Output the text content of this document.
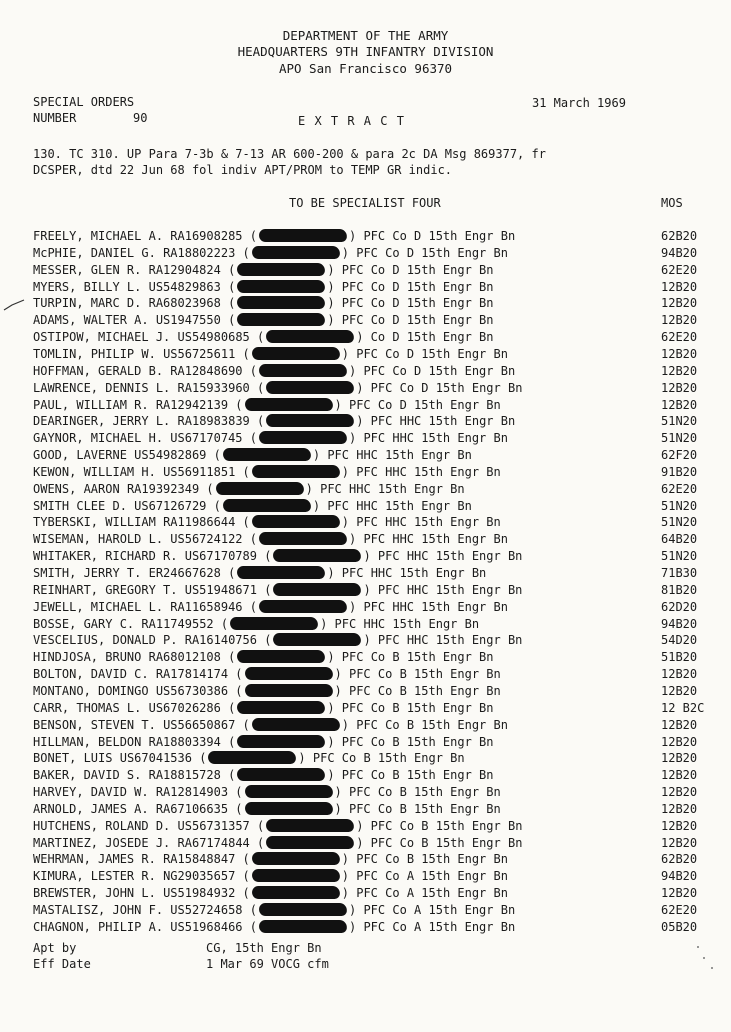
DEPARTMENT OF THE ARMY
HEADQUARTERS 9TH INFANTRY DIVISION
APO San Francisco 96370
SPECIAL ORDERS
NUMBER	90	E X T R A C T
31 March 1969
130. TC 310. UP Para 7-3b & 7-13 AR 600-200 & para 2c DA Msg 869377, fr
DCSPER, dtd 22 Jun 68 fol indiv APT/PROM to TEMP GR indic.
TO BE SPECIALIST FOUR	MOS
FREELY, MICHAEL A. RA16908285 (	) PFC Co D 15th Engr Bn	62B20
McPHIE, DANIEL G. RA18802223 (	) PFC Co D 15th Engr Bn	94B20
MESSER, GLEN R. RA12904824 (	) PFC Co D 15th Engr Bn	62E20
MYERS, BILLY L. US54829863 (	) PFC Co D 15th Engr Bn	12B20
TURPIN, MARC D. RA68023968 (	) PFC Co D 15th Engr Bn	12B20
ADAMS, WALTER A. US1947550 (	) PFC Co D 15th Engr Bn	12B20
OSTIPOW, MICHAEL J. US54980685 (	) Co D 15th Engr Bn	62E20
TOMLIN, PHILIP W. US56725611 (	) PFC Co D 15th Engr Bn	12B20
HOFFMAN, GERALD B. RA12848690 (	) PFC Co D 15th Engr Bn	12B20
LAWRENCE, DENNIS L. RA15933960 (	) PFC Co D 15th Engr Bn	12B20
PAUL, WILLIAM R. RA12942139 (	) PFC Co D 15th Engr Bn	12B20
DEARINGER, JERRY L. RA18983839 (	) PFC HHC 15th Engr Bn	51N20
GAYNOR, MICHAEL H. US67170745 (	) PFC HHC 15th Engr Bn	51N20
GOOD, LAVERNE US54982869 (	) PFC HHC 15th Engr Bn	62F20
KEWON, WILLIAM H. US56911851 (	) PFC HHC 15th Engr Bn	91B20
OWENS, AARON RA19392349 (	) PFC HHC 15th Engr Bn	62E20
SMITH CLEE D. US67126729 (	) PFC HHC 15th Engr Bn	51N20
TYBERSKI, WILLIAM RA11986644 (	) PFC HHC 15th Engr Bn	51N20
WISEMAN, HAROLD L. US56724122 (	) PFC HHC 15th Engr Bn	64B20
WHITAKER, RICHARD R. US67170789 (	) PFC HHC 15th Engr Bn	51N20
SMITH, JERRY T. ER24667628 (	) PFC HHC 15th Engr Bn	71B30
REINHART, GREGORY T. US51948671 (	) PFC HHC 15th Engr Bn	81B20
JEWELL, MICHAEL L. RA11658946 (	) PFC HHC 15th Engr Bn	62D20
BOSSE, GARY C. RA11749552 (	) PFC HHC 15th Engr Bn	94B20
VESCELIUS, DONALD P. RA16140756 (	) PFC HHC 15th Engr Bn	54D20
HINDJOSA, BRUNO RA68012108 (	) PFC Co B 15th Engr Bn	51B20
BOLTON, DAVID C. RA17814174 (	) PFC Co B 15th Engr Bn	12B20
MONTANO, DOMINGO US56730386 (	) PFC Co B 15th Engr Bn	12B20
CARR, THOMAS L. US67026286 (	) PFC Co B 15th Engr Bn	12 B2C
BENSON, STEVEN T. US56650867 (	) PFC Co B 15th Engr Bn	12B20
HILLMAN, BELDON RA18803394 (	) PFC Co B 15th Engr Bn	12B20
BONET, LUIS US67041536 (	) PFC Co B 15th Engr Bn	12B20
BAKER, DAVID S. RA18815728 (	) PFC Co B 15th Engr Bn	12B20
HARVEY, DAVID W. RA12814903 (	) PFC Co B 15th Engr Bn	12B20
ARNOLD, JAMES A. RA67106635 (	) PFC Co B 15th Engr Bn	12B20
HUTCHENS, ROLAND D. US56731357 (	) PFC Co B 15th Engr Bn	12B20
MARTINEZ, JOSEDE J. RA67174844 (	) PFC Co B 15th Engr Bn	12B20
WEHRMAN, JAMES R. RA15848847 (	) PFC Co B 15th Engr Bn	62B20
KIMURA, LESTER R. NG29035657 (	) PFC Co A 15th Engr Bn	94B20
BREWSTER, JOHN L. US51984932 (	) PFC Co A 15th Engr Bn	12B20
MASTALISZ, JOHN F. US52724658 (	) PFC Co A 15th Engr Bn	62E20
CHAGNON, PHILIP A. US51968466 (	) PFC Co A 15th Engr Bn	05B20
Apt by	CG, 15th Engr Bn
Eff Date	1 Mar 69 VOCG cfm
